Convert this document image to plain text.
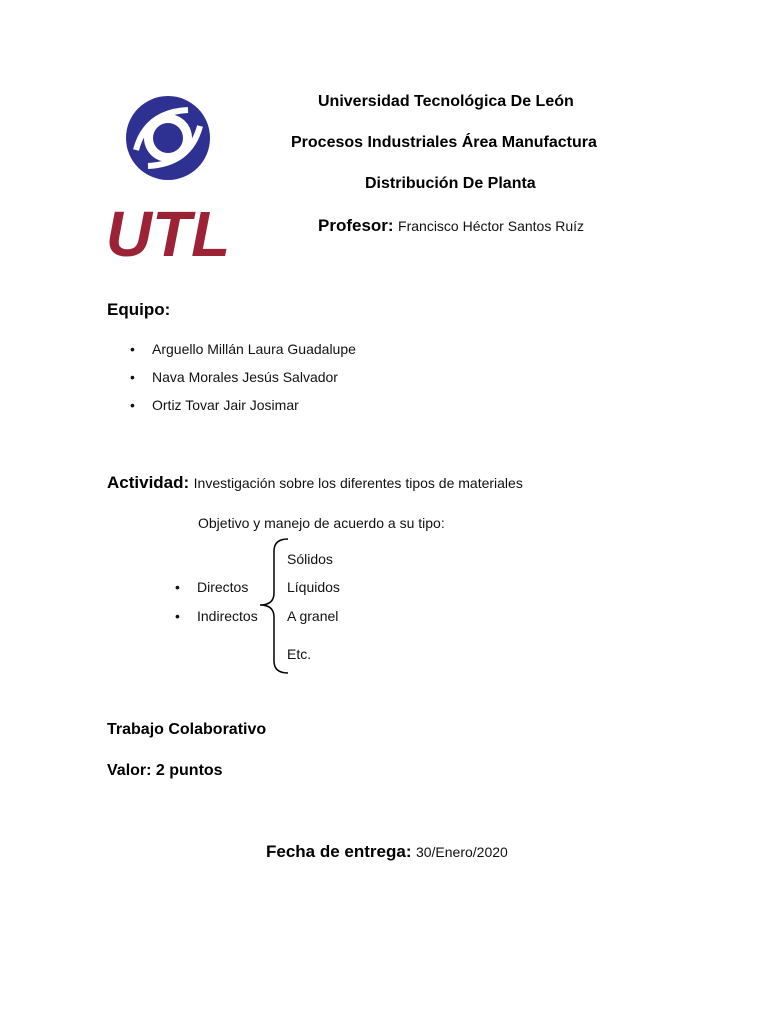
UTL
Universidad Tecnológica De León
Procesos Industriales Área Manufactura
Distribución De Planta
Profesor: Francisco Héctor Santos Ruíz
Equipo:
• Arguello Millán Laura Guadalupe
• Nava Morales Jesús Salvador
• Ortiz Tovar Jair Josimar
Actividad: Investigación sobre los diferentes tipos de materiales
Objetivo y manejo de acuerdo a su tipo:
• Directos
• Indirectos
Sólidos
Líquidos
A granel
Etc.
Trabajo Colaborativo
Valor: 2 puntos
Fecha de entrega: 30/Enero/2020
